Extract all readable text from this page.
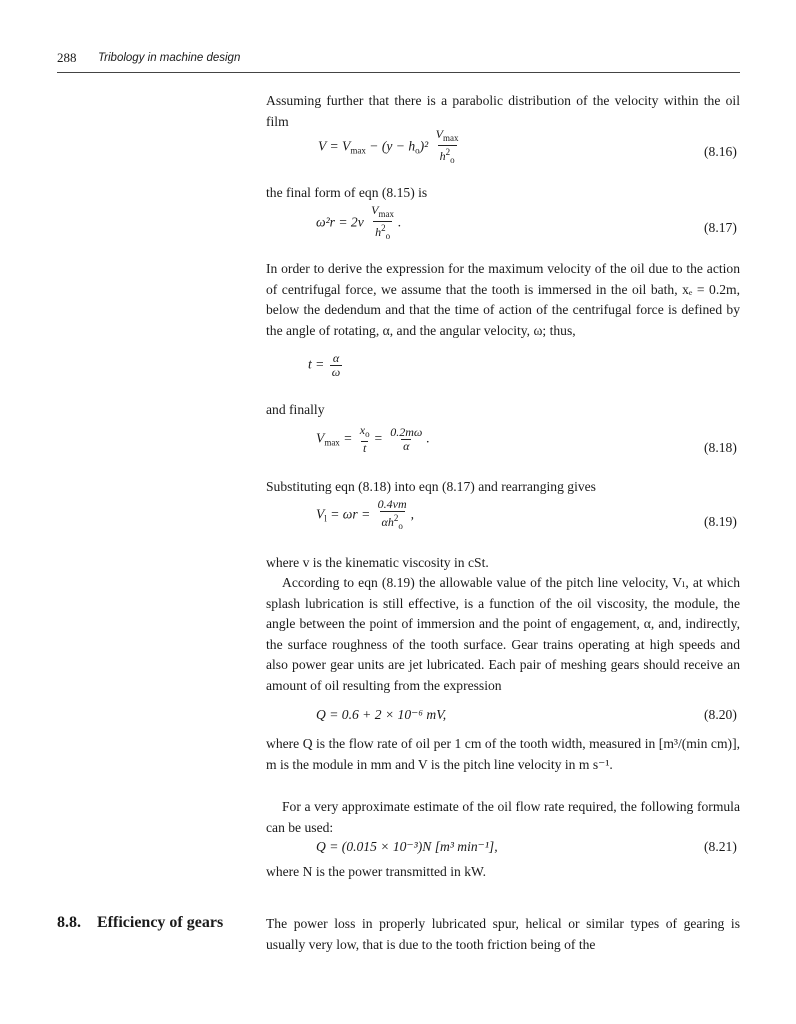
288 Tribology in machine design
Assuming further that there is a parabolic distribution of the velocity within the oil film
$V = V_{max} - (y - h_o)^2 \frac{V_{max}}{h^2_o}$	(8.16)
the final form of eqn (8.15) is
$\omega^2r = 2v \frac{V_{max}}{h^2_o}$ .	(8.17)
In order to derive the expression for the maximum velocity of the oil due to the action of centrifugal force, we assume that the tooth is immersed in the oil bath, xₑ = 0.2m, below the dedendum and that the time of action of the centrifugal force is defined by the angle of rotating, α, and the angular velocity, ω; thus,
$t = \frac{\alpha}{\omega}$
and finally
$V_{max} = \frac{x_o}{t} = \frac{0.2m\omega}{\alpha}$ .
(8.18)
Substituting eqn (8.18) into eqn (8.17) and rearranging gives
$V_l = \omega r = \frac{0.4vm}{\alpha h^2_o}$ ,	(8.19)
where v is the kinematic viscosity in cSt.
According to eqn (8.19) the allowable value of the pitch line velocity, Vₗ, at which splash lubrication is still effective, is a function of the oil viscosity, the module, the angle between the point of immersion and the point of engagement, α, and, indirectly, the surface roughness of the tooth surface. Gear trains operating at high speeds and also power gear units are jet lubricated. Each pair of meshing gears should receive an amount of oil resulting from the expression
Q = 0.6 + 2 × 10⁻⁶ mV,	(8.20)
where Q is the flow rate of oil per 1 cm of the tooth width, measured in [m³/(min cm)], m is the module in mm and V is the pitch line velocity in m s⁻¹.
For a very approximate estimate of the oil flow rate required, the following formula can be used:
Q = (0.015 × 10⁻³)N [m³ min⁻¹],	(8.21)
where N is the power transmitted in kW.
8.8. Efficiency of gears	The power loss in properly lubricated spur, helical or similar types of gearing is usually very low, that is due to the tooth friction being of the
